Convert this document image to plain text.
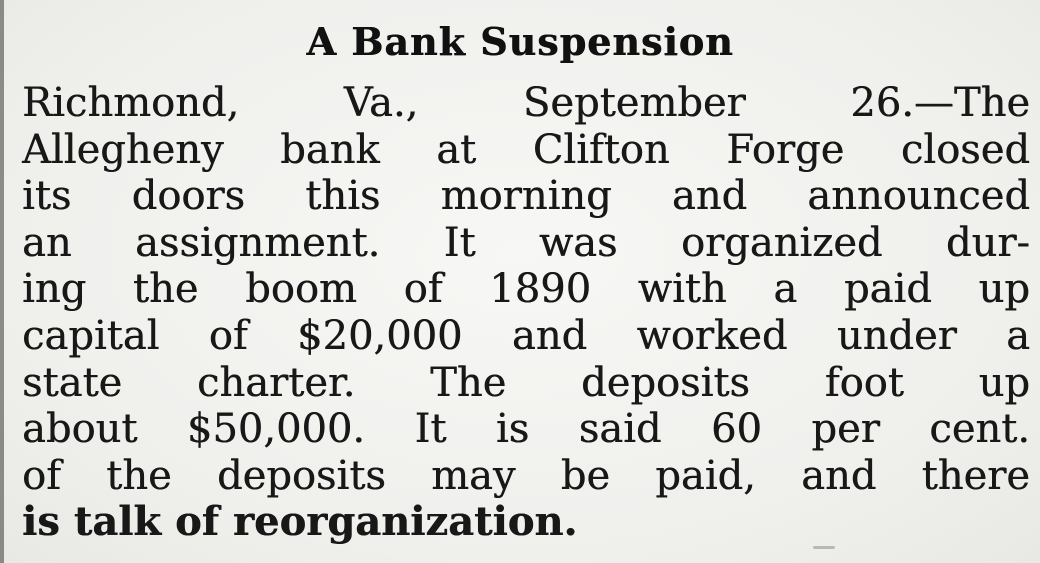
A Bank Suspension
Richmond,	Va.,	September	26.—The
Allegheny bank at Clifton Forge closed
its doors this morning and announced
an assignment. It was organized dur-
ing the boom of 1890 with a paid up
capital of $20,000 and worked under a
state charter. The deposits foot up
about $50,000. It is said 60 per cent.
of the deposits may be paid, and there
is talk of reorganization.
